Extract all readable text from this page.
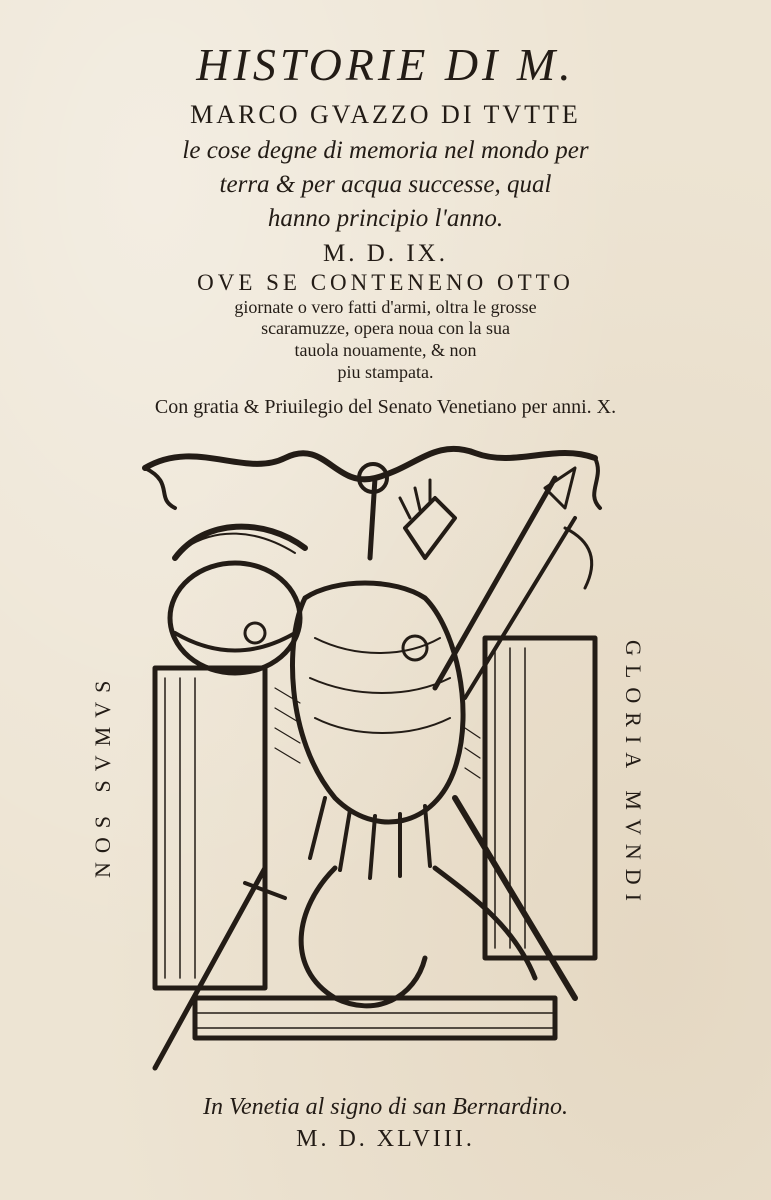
HISTORIE DI M.
MARCO GVAZZO DI TVTTE
le cose degne di memoria nel mondo per
terra & per acqua successe, qual
hanno principio l'anno.
M. D. IX.
OVE SE CONTENENO OTTO
giornate o vero fatti d'armi, oltra le grosse
scaramuzze, opera noua con la sua
tauola nouamente, & non
piu stampata.
Con gratia & Priuilegio del Senato Venetiano per anni. X.
NOS SVMVS	GLORIA MVNDI
In Venetia al signo di san Bernardino.
M. D. XLVIII.
